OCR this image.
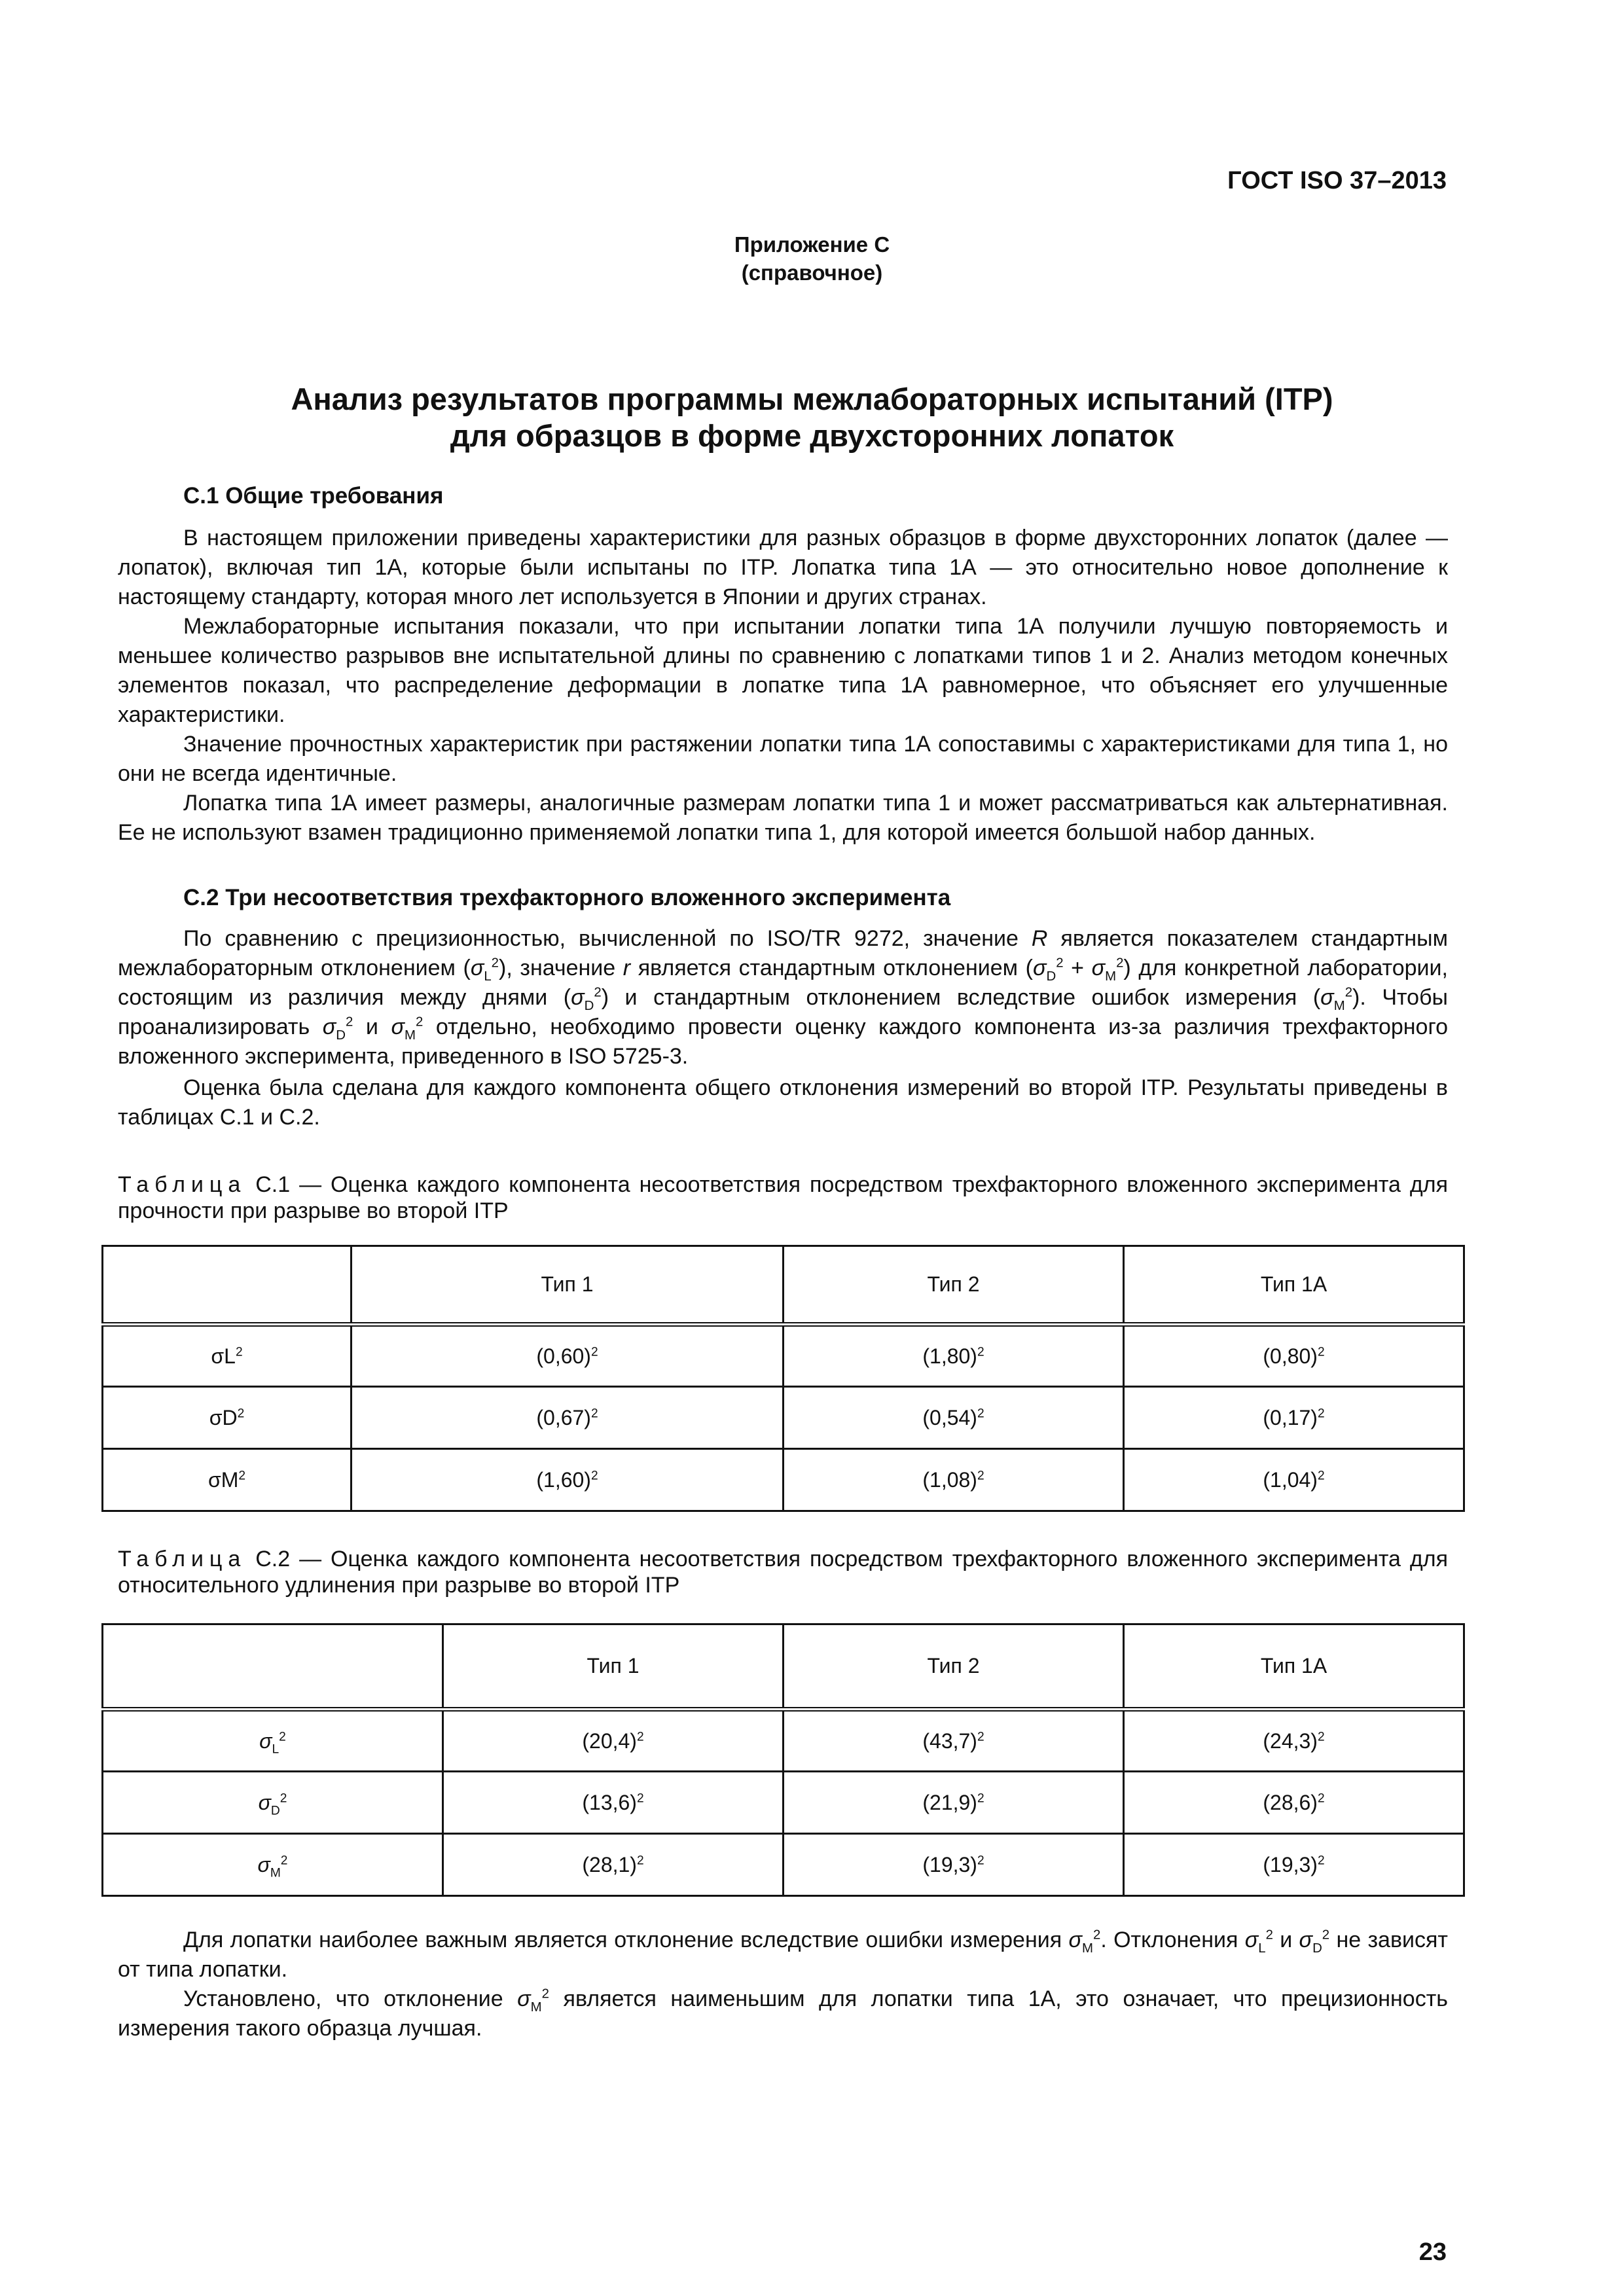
ГОСТ ISO 37–2013
Приложение С
(справочное)
Анализ результатов программы межлабораторных испытаний (ITP)
для образцов в форме двухсторонних лопаток
С.1 Общие требования
В настоящем приложении приведены характеристики для разных образцов в форме двухсторонних лопаток (далее — лопаток), включая тип 1А, которые были испытаны по ITP. Лопатка типа 1А — это относительно новое дополнение к настоящему стандарту, которая много лет используется в Японии и других странах.
Межлабораторные испытания показали, что при испытании лопатки типа 1А получили лучшую повторяемость и меньшее количество разрывов вне испытательной длины по сравнению с лопатками типов 1 и 2. Анализ методом конечных элементов показал, что распределение деформации в лопатке типа 1А равномерное, что объясняет его улучшенные характеристики.
Значение прочностных характеристик при растяжении лопатки типа 1А сопоставимы с характеристиками для типа 1, но они не всегда идентичные.
Лопатка типа 1А имеет размеры, аналогичные размерам лопатки типа 1 и может рассматриваться как альтернативная. Ее не используют взамен традиционно применяемой лопатки типа 1, для которой имеется большой набор данных.
С.2 Три несоответствия трехфакторного вложенного эксперимента
По сравнению с прецизионностью, вычисленной по ISO/TR 9272, значение R является показателем стандартным межлабораторным отклонением $(\sigma_L^2)$, значение r является стандартным отклонением $(\sigma_D^2 + \sigma_M^2)$ для конкретной лаборатории, состоящим из различия между днями $(\sigma_D^2)$ и стандартным отклонением вследствие ошибок измерения $(\sigma_M^2)$. Чтобы проанализировать $\sigma_D^2$ и $\sigma_M^2$ отдельно, необходимо провести оценку каждого компонента из-за различия трехфакторного вложенного эксперимента, приведенного в ISO 5725-3.
Оценка была сделана для каждого компонента общего отклонения измерений во второй ITP. Результаты приведены в таблицах С.1 и С.2.
Таблица С.1 — Оценка каждого компонента несоответствия посредством трехфакторного вложенного эксперимента для прочности при разрыве во второй ITP
	Тип 1	Тип 2	Тип 1А
$\sigma L^2$	$(0,60)^2$	$(1,80)^2$	$(0,80)^2$
$\sigma D^2$	$(0,67)^2$	$(0,54)^2$	$(0,17)^2$
$\sigma M^2$	$(1,60)^2$	$(1,08)^2$	$(1,04)^2$
Таблица С.2 — Оценка каждого компонента несоответствия посредством трехфакторного вложенного эксперимента для относительного удлинения при разрыве во второй ITP
	Тип 1	Тип 2	Тип 1А
$\sigma_L^2$	$(20,4)^2$	$(43,7)^2$	$(24,3)^2$
$\sigma_D^2$	$(13,6)^2$	$(21,9)^2$	$(28,6)^2$
$\sigma_M^2$	$(28,1)^2$	$(19,3)^2$	$(19,3)^2$
Для лопатки наиболее важным является отклонение вследствие ошибки измерения $\sigma_M^2$. Отклонения $\sigma_L^2$ и $\sigma_D^2$ не зависят от типа лопатки.
Установлено, что отклонение $\sigma_M^2$ является наименьшим для лопатки типа 1А, это означает, что прецизионность измерения такого образца лучшая.
23
